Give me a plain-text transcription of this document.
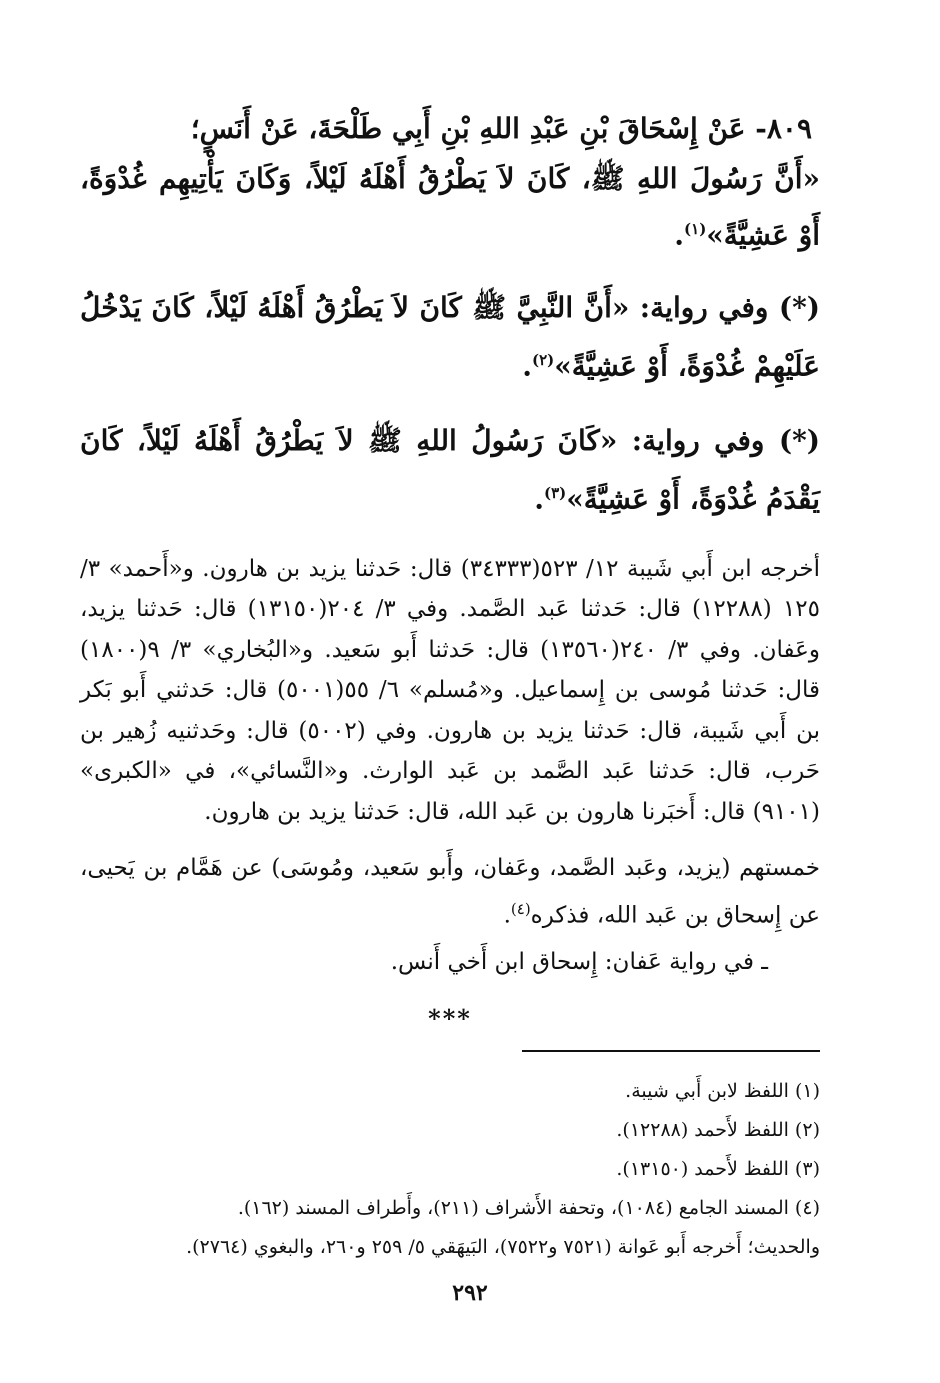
٨٠٩- عَنْ إِسْحَاقَ بْنِ عَبْدِ اللهِ بْنِ أَبِي طَلْحَةَ، عَنْ أَنَسٍ؛

«أَنَّ رَسُولَ اللهِ ﷺ، كَانَ لاَ يَطْرُقُ أَهْلَهُ لَيْلاً، وَكَانَ يَأْتِيهِم غُدْوَةً، أَوْ عَشِيَّةً»$^{(١)}$.

(*) وفي رواية: «أَنَّ النَّبِيَّ ﷺ كَانَ لاَ يَطْرُقُ أَهْلَهُ لَيْلاً، كَانَ يَدْخُلُ عَلَيْهِمْ غُدْوَةً، أَوْ عَشِيَّةً»$^{(٢)}$.

(*) وفي رواية: «كَانَ رَسُولُ اللهِ ﷺ لاَ يَطْرُقُ أَهْلَهُ لَيْلاً، كَانَ يَقْدَمُ غُدْوَةً، أَوْ عَشِيَّةً»$^{(٣)}$.

أخرجه ابن أَبي شَيبة ١٢/ ٥٢٣(٣٤٣٣٣) قال: حَدثنا يزيد بن هارون. و«أَحمد» ٣/ ١٢٥ (١٢٢٨٨) قال: حَدثنا عَبد الصَّمد. وفي ٣/ ٢٠٤(١٣١٥٠) قال: حَدثنا يزيد، وعَفان. وفي ٣/ ٢٤٠(١٣٥٦٠) قال: حَدثنا أَبو سَعيد. و«البُخاري» ٣/ ٩(١٨٠٠) قال: حَدثنا مُوسى بن إِسماعيل. و«مُسلم» ٦/ ٥٥(٥٠٠١) قال: حَدثني أَبو بَكر بن أَبي شَيبة، قال: حَدثنا يزيد بن هارون. وفي (٥٠٠٢) قال: وحَدثنيه زُهير بن حَرب، قال: حَدثنا عَبد الصَّمد بن عَبد الوارث. و«النَّسائي»، في «الكبرى» (٩١٠١) قال: أَخبَرنا هارون بن عَبد الله، قال: حَدثنا يزيد بن هارون.

خمستهم (يزيد، وعَبد الصَّمد، وعَفان، وأَبو سَعيد، ومُوسَى) عن هَمَّام بن يَحيى، عن إِسحاق بن عَبد الله، فذكره$^{(٤)}$.

ـ في رواية عَفان: إِسحاق ابن أَخي أَنس.

***

(١) اللفظ لابن أَبي شيبة.
(٢) اللفظ لأَحمد (١٢٢٨٨).
(٣) اللفظ لأَحمد (١٣١٥٠).
(٤) المسند الجامع (١٠٨٤)، وتحفة الأَشراف (٢١١)، وأَطراف المسند (١٦٢).
والحديث؛ أَخرجه أَبو عَوانة (٧٥٢١ و٧٥٢٢)، البَيهَقي ٥/ ٢٥٩ و٢٦٠، والبغوي (٢٧٦٤).
٢٩٢
